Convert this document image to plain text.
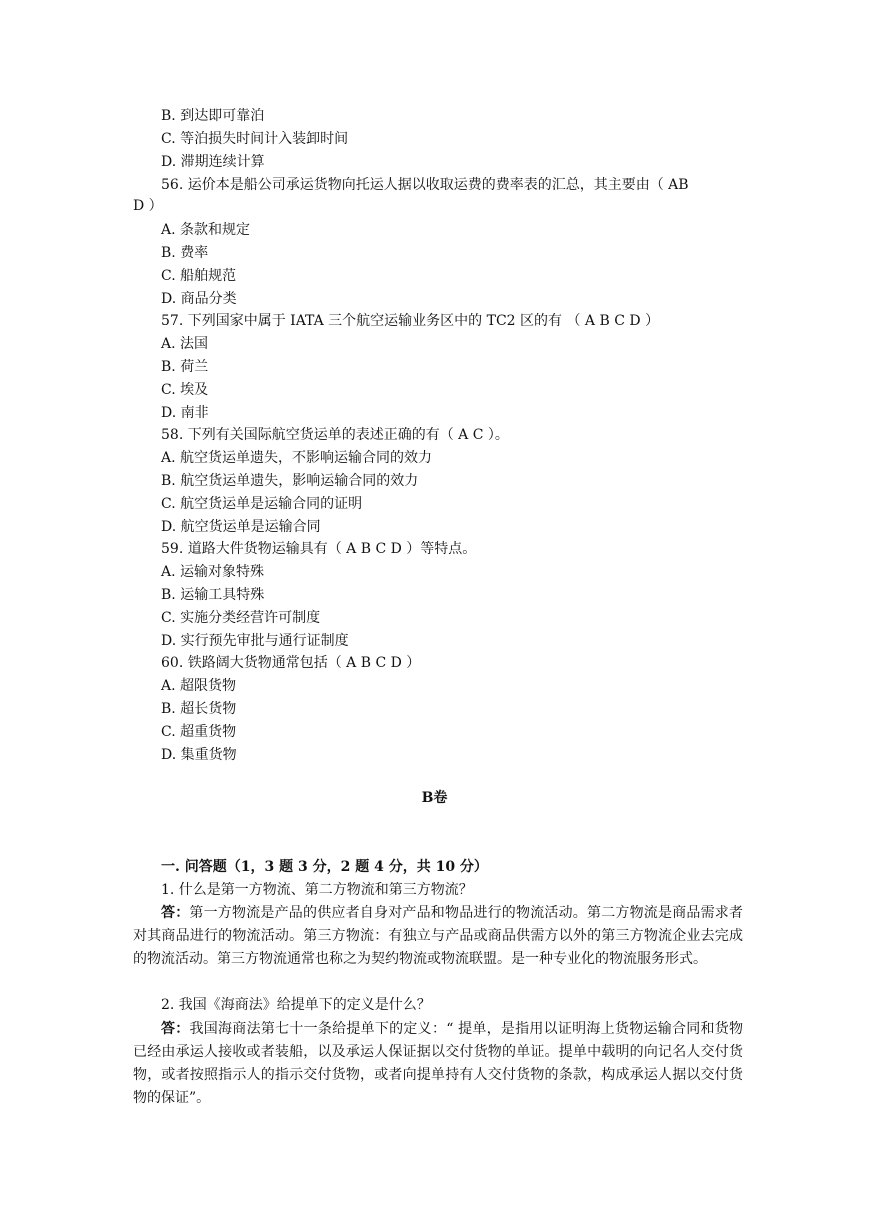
B. 到达即可靠泊
C. 等泊损失时间计入装卸时间
D. 滞期连续计算
56. 运价本是船公司承运货物向托运人据以收取运费的费率表的汇总，其主要由（ AB
D ）
A. 条款和规定
B. 费率
C. 船舶规范
D. 商品分类
57. 下列国家中属于 IATA 三个航空运输业务区中的 TC2 区的有 （ A B C D ）
A. 法国
B. 荷兰
C. 埃及
D. 南非
58. 下列有关国际航空货运单的表述正确的有（ A C ）。
A. 航空货运单遗失，不影响运输合同的效力
B. 航空货运单遗失，影响运输合同的效力
C. 航空货运单是运输合同的证明
D. 航空货运单是运输合同
59. 道路大件货物运输具有（ A B C D ）等特点。
A. 运输对象特殊
B. 运输工具特殊
C. 实施分类经营许可制度
D. 实行预先审批与通行证制度
60. 铁路阔大货物通常包括（ A B C D ）
A. 超限货物
B. 超长货物
C. 超重货物
D. 集重货物
B卷
一. 问答题（1，3 题 3 分，2 题 4 分，共 10 分）
1. 什么是第一方物流、第二方物流和第三方物流？
答：第一方物流是产品的供应者自身对产品和物品进行的物流活动。第二方物流是商品需求者对其商品进行的物流活动。第三方物流：有独立与产品或商品供需方以外的第三方物流企业去完成的物流活动。第三方物流通常也称之为契约物流或物流联盟。是一种专业化的物流服务形式。
2. 我国《海商法》给提单下的定义是什么？
答：我国海商法第七十一条给提单下的定义：“ 提单，是指用以证明海上货物运输合同和货物已经由承运人接收或者装船，以及承运人保证据以交付货物的单证。提单中载明的向记名人交付货物，或者按照指示人的指示交付货物，或者向提单持有人交付货物的条款，构成承运人据以交付货物的保证”。
